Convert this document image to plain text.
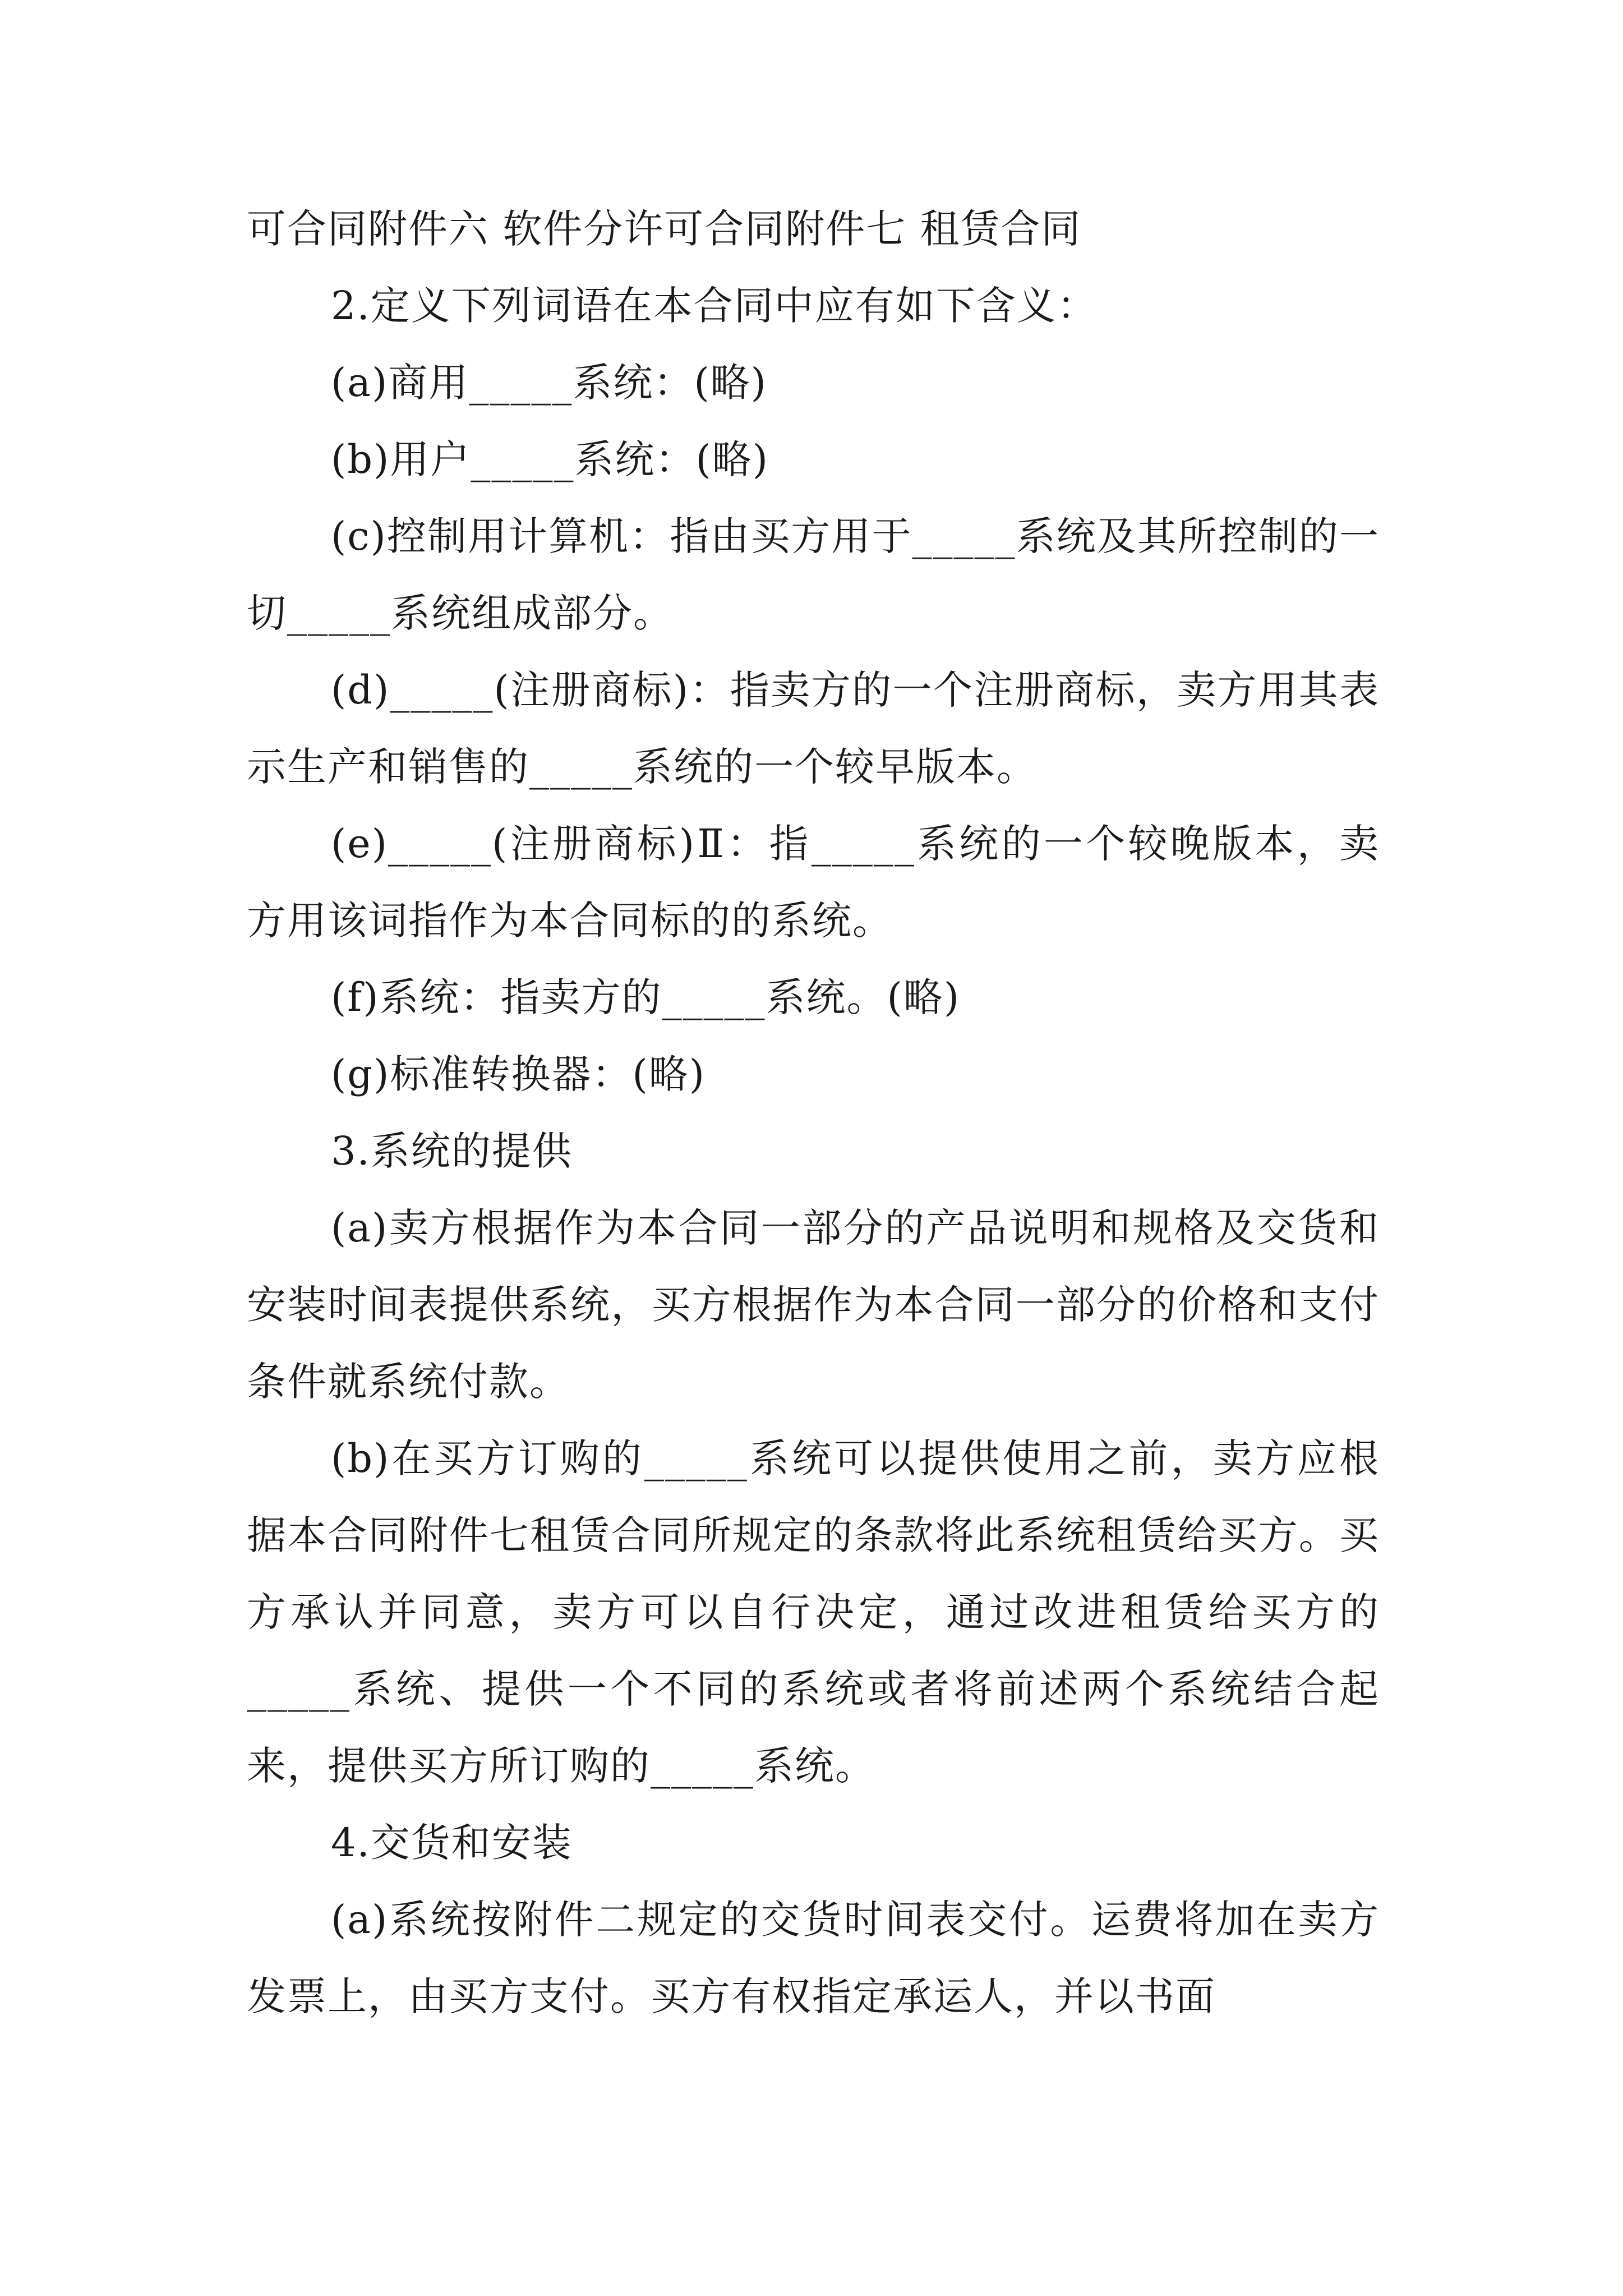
可合同附件六 软件分许可合同附件七 租赁合同

2.定义下列词语在本合同中应有如下含义：

(a)商用_____系统：(略)

(b)用户_____系统：(略)

(c)控制用计算机：指由买方用于_____系统及其所控制的一切_____系统组成部分。

(d)_____(注册商标)：指卖方的一个注册商标，卖方用其表示生产和销售的_____系统的一个较早版本。

(e)_____(注册商标)Ⅱ：指_____系统的一个较晚版本，卖方用该词指作为本合同标的的系统。

(f)系统：指卖方的_____系统。(略)

(g)标准转换器：(略)

3.系统的提供

(a)卖方根据作为本合同一部分的产品说明和规格及交货和安装时间表提供系统，买方根据作为本合同一部分的价格和支付条件就系统付款。

(b)在买方订购的_____系统可以提供使用之前，卖方应根据本合同附件七租赁合同所规定的条款将此系统租赁给买方。买方承认并同意，卖方可以自行决定，通过改进租赁给买方的_____系统、提供一个不同的系统或者将前述两个系统结合起来，提供买方所订购的_____系统。

4.交货和安装

(a)系统按附件二规定的交货时间表交付。运费将加在卖方发票上，由买方支付。买方有权指定承运人，并以书面
